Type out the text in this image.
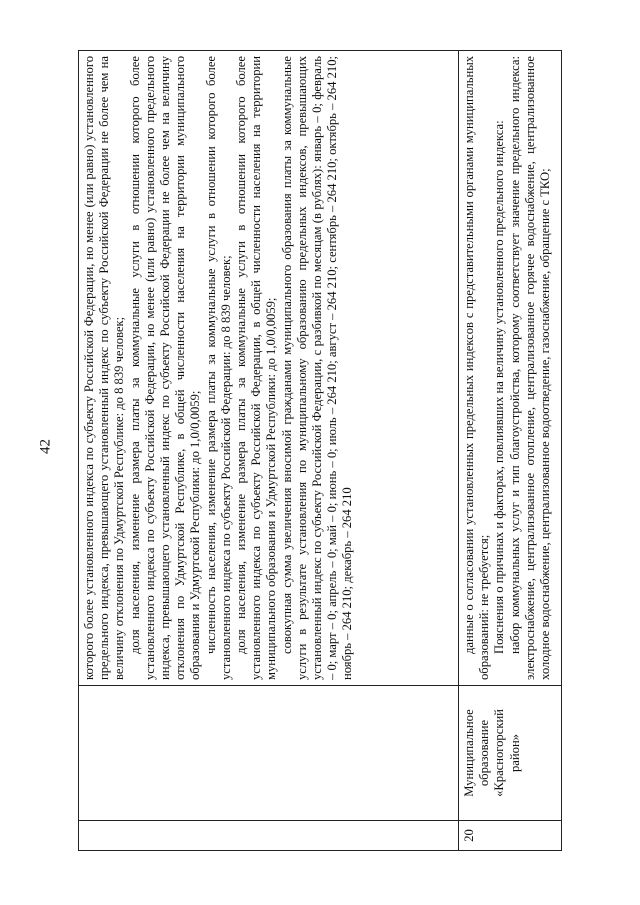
42

		которого более установленного индекса по субъекту Российской Федерации, но менее (или равно) установленного предельного индекса, превышающего установленный индекс по субъекту Российской Федерации не более чем на величину отклонения по Удмуртской Республике: до 8 839 человек; доля населения, изменение размера платы за коммунальные услуги в отношении которого более установленного индекса по субъекту Российской Федерации, но менее (или равно) установленного предельного индекса, превышающего установленный индекс по субъекту Российской Федерации не более чем на величину отклонения по Удмуртской Республике, в общей численности населения на территории муниципального образования и Удмуртской Республики: до 1,0/0,0059; численность населения, изменение размера платы за коммунальные услуги в отношении которого более установленного индекса по субъекту Российской Федерации: до 8 839 человек; доля населения, изменение размера платы за коммунальные услуги в отношении которого более установленного индекса по субъекту Российской Федерации, в общей численности населения на территории муниципального образования и Удмуртской Республики: до 1,0/0,0059; совокупная сумма увеличения вносимой гражданами муниципального образования платы за коммунальные услуги в результате установления по муниципальному образованию предельных индексов, превышающих установленный индекс по субъекту Российской Федерации, с разбивкой по месяцам (в рублях): январь – 0; февраль – 0; март – 0; апрель – 0; май – 0; июнь – 0; июль – 264 210; август – 264 210; сентябрь – 264 210; октябрь – 264 210; ноябрь – 264 210; декабрь – 264 210

20	Муниципальное образование «Красногорский район»	данные о согласовании установленных предельных индексов с представительными органами муниципальных образований: не требуется; Пояснения о причинах и факторах, повлиявших на величину установленного предельного индекса: набор коммунальных услуг и тип благоустройства, которому соответствует значение предельного индекса: электроснабжение, централизованное отопление, централизованное горячее водоснабжение, централизованное холодное водоснабжение, централизованное водоотведение, газоснабжение, обращение с ТКО;
